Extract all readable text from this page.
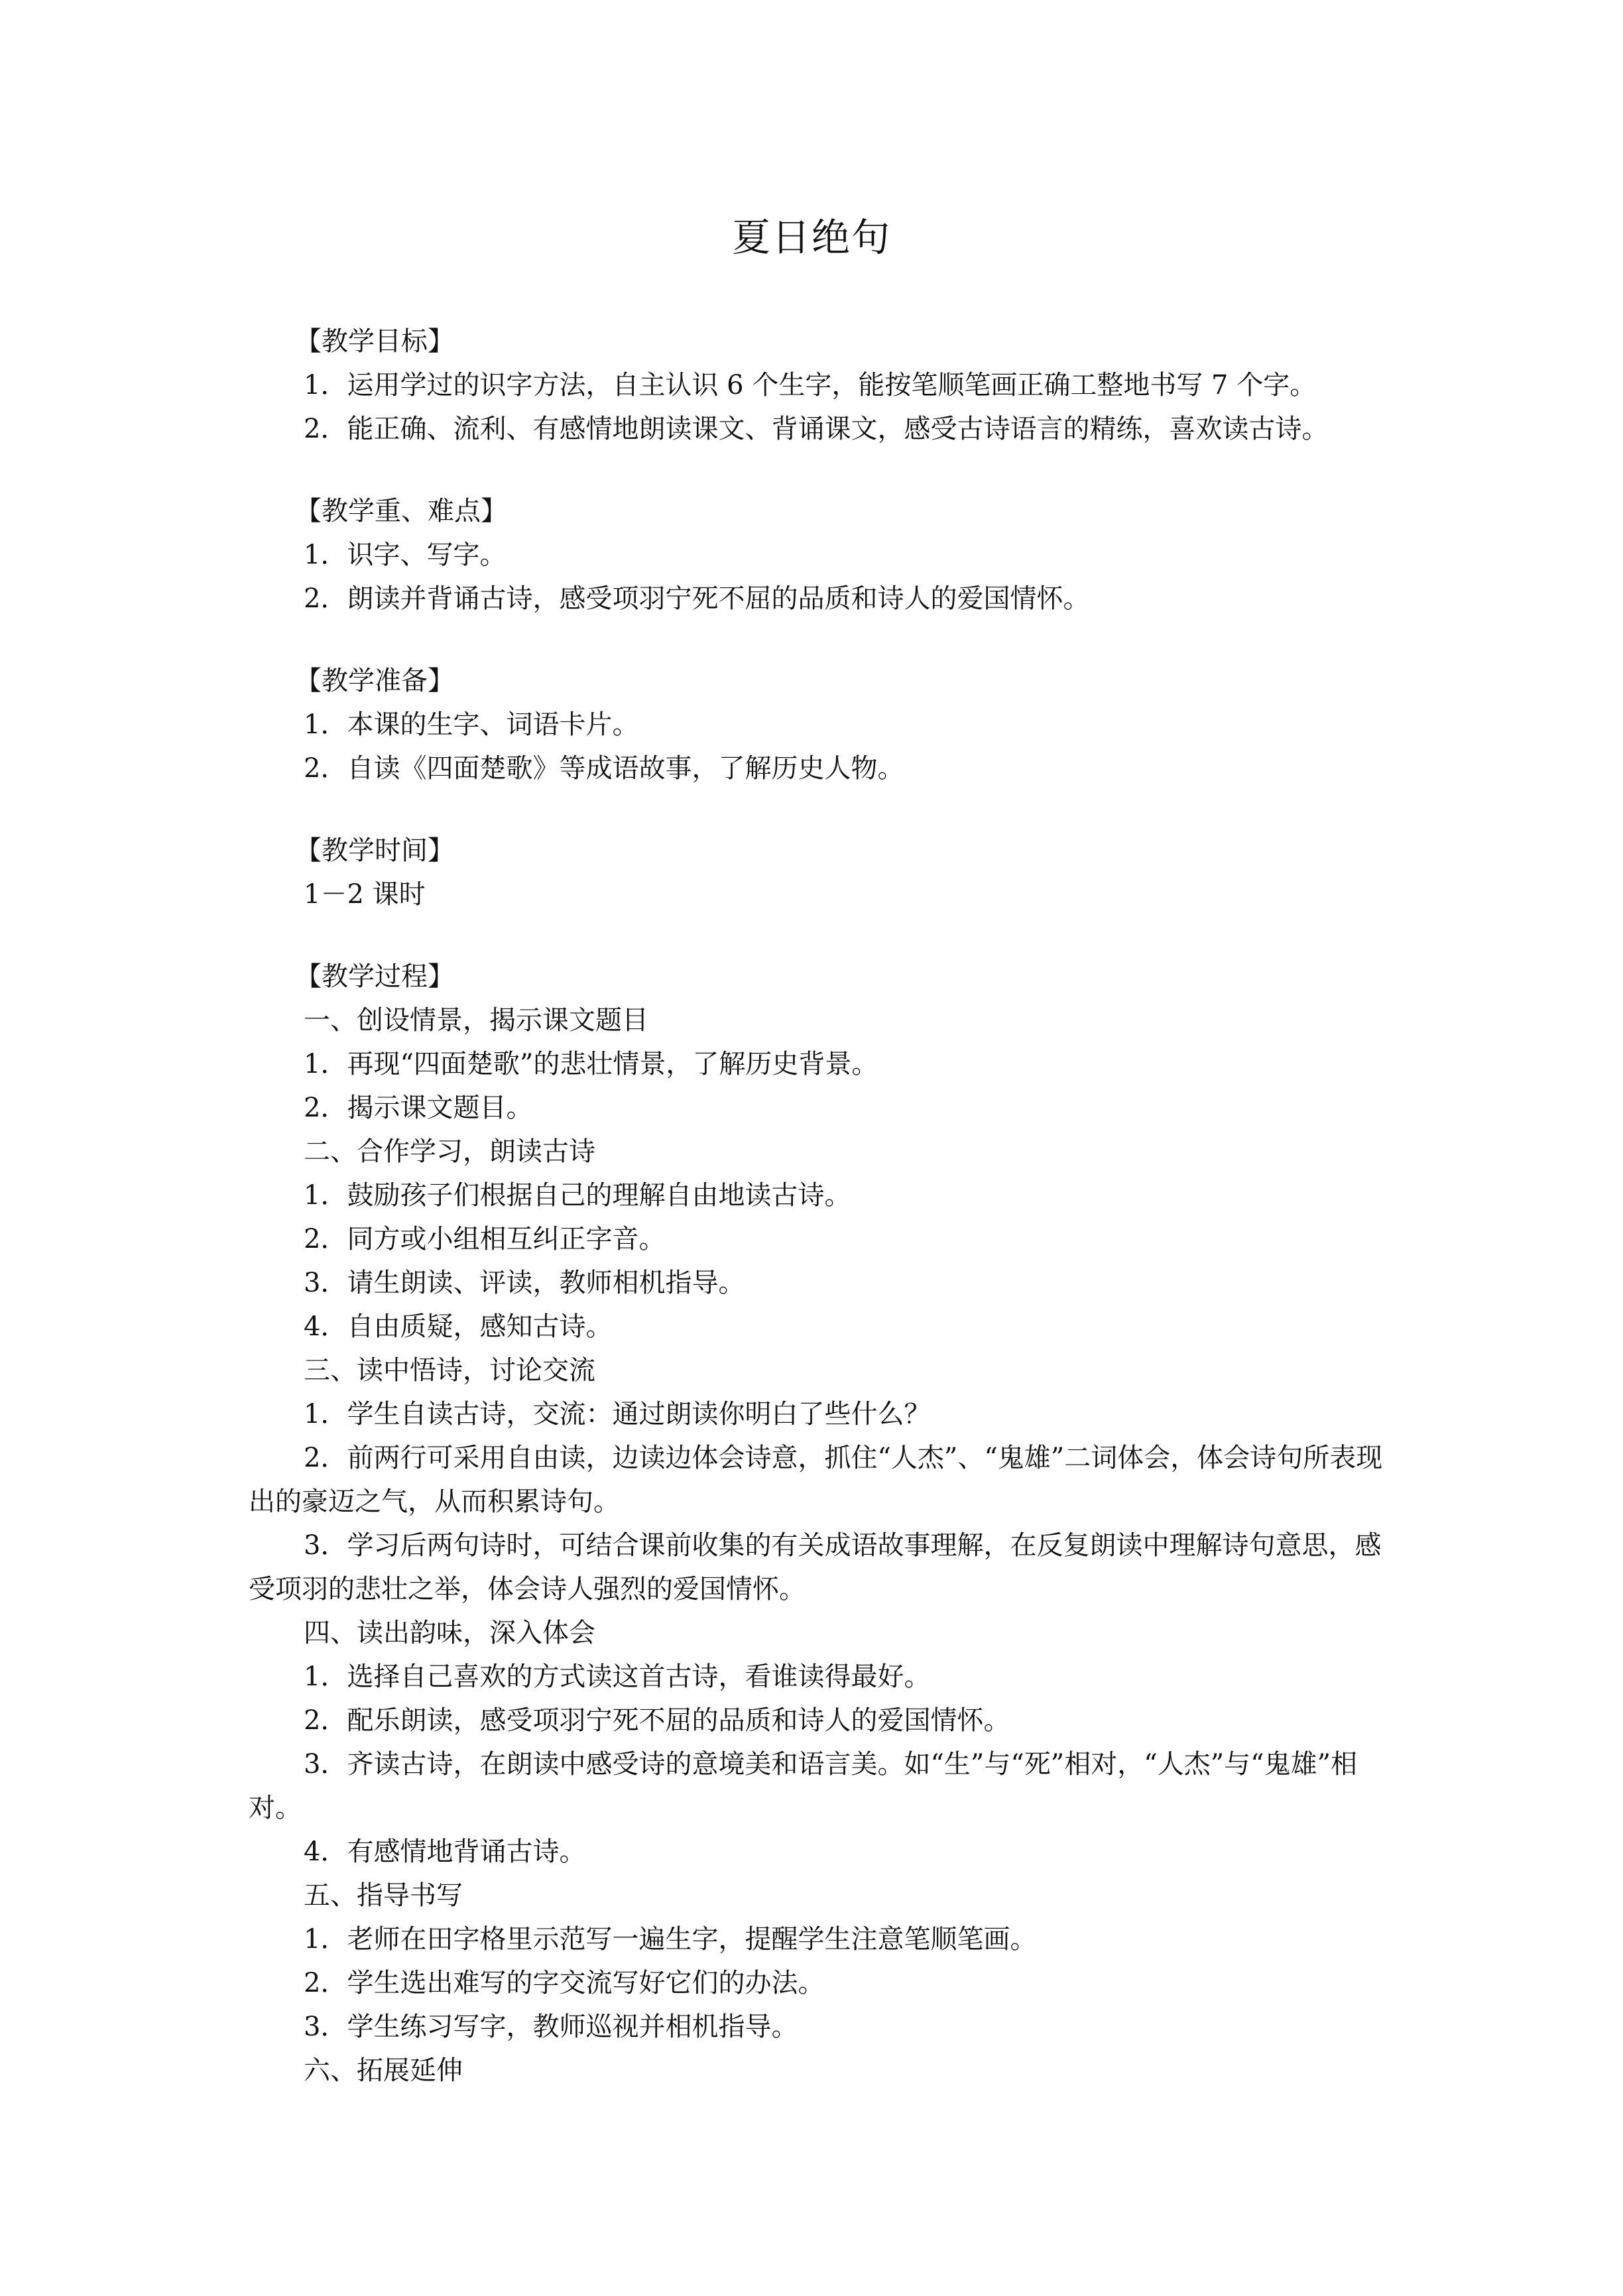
夏日绝句
【教学目标】
1．运用学过的识字方法，自主认识 6 个生字，能按笔顺笔画正确工整地书写 7 个字。
2．能正确、流利、有感情地朗读课文、背诵课文，感受古诗语言的精练，喜欢读古诗。
【教学重、难点】
1．识字、写字。
2．朗读并背诵古诗，感受项羽宁死不屈的品质和诗人的爱国情怀。
【教学准备】
1．本课的生字、词语卡片。
2．自读《四面楚歌》等成语故事，了解历史人物。
【教学时间】
1－2 课时
【教学过程】
一、创设情景，揭示课文题目
1．再现“四面楚歌”的悲壮情景，了解历史背景。
2．揭示课文题目。
二、合作学习，朗读古诗
1．鼓励孩子们根据自己的理解自由地读古诗。
2．同方或小组相互纠正字音。
3．请生朗读、评读，教师相机指导。
4．自由质疑，感知古诗。
三、读中悟诗，讨论交流
1．学生自读古诗，交流：通过朗读你明白了些什么？
2．前两行可采用自由读，边读边体会诗意，抓住“人杰”、“鬼雄”二词体会，体会诗句所表现出的豪迈之气，从而积累诗句。
3．学习后两句诗时，可结合课前收集的有关成语故事理解，在反复朗读中理解诗句意思，感受项羽的悲壮之举，体会诗人强烈的爱国情怀。
四、读出韵味，深入体会
1．选择自己喜欢的方式读这首古诗，看谁读得最好。
2．配乐朗读，感受项羽宁死不屈的品质和诗人的爱国情怀。
3．齐读古诗，在朗读中感受诗的意境美和语言美。如“生”与“死”相对，“人杰”与“鬼雄”相对。
4．有感情地背诵古诗。
五、指导书写
1．老师在田字格里示范写一遍生字，提醒学生注意笔顺笔画。
2．学生选出难写的字交流写好它们的办法。
3．学生练习写字，教师巡视并相机指导。
六、拓展延伸
